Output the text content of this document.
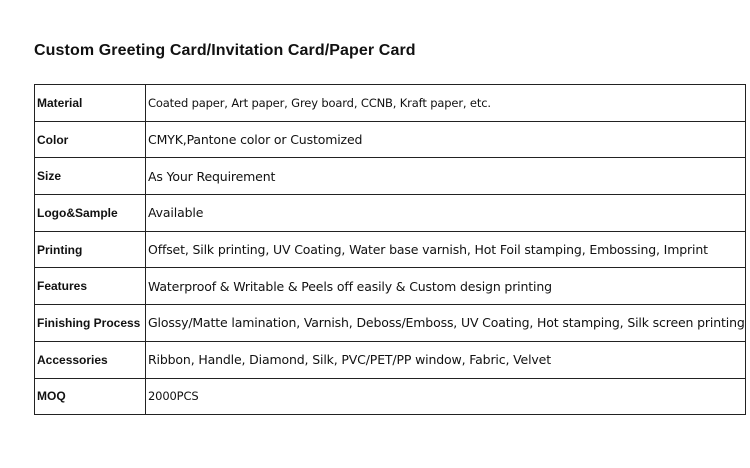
Custom Greeting Card/Invitation Card/Paper Card
Material	Coated paper, Art paper, Grey board, CCNB, Kraft paper, etc.
Color	CMYK,Pantone color or Customized
Size	As Your Requirement
Logo&Sample	Available
Printing	Offset, Silk printing, UV Coating, Water base varnish, Hot Foil stamping, Embossing, Imprint
Features	Waterproof & Writable & Peels off easily & Custom design printing
Finishing Process	Glossy/Matte lamination, Varnish, Deboss/Emboss, UV Coating, Hot stamping, Silk screen printing
Accessories	Ribbon, Handle, Diamond, Silk, PVC/PET/PP window, Fabric, Velvet
MOQ	2000PCS
